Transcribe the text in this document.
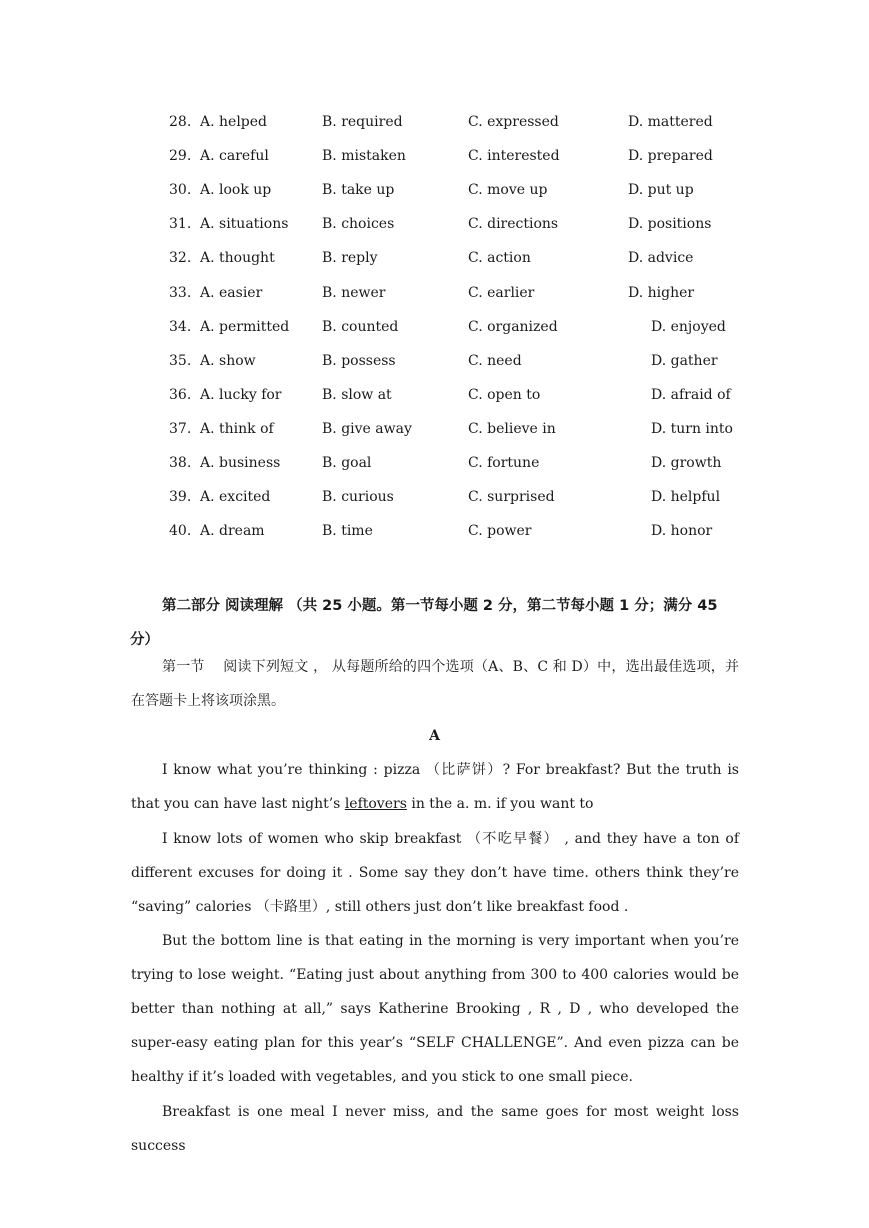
28. A. helped	B. required	C. expressed	D. mattered
29. A. careful	B. mistaken	C. interested	D. prepared
30. A. look up	B. take up	C. move up	D. put up
31. A. situations B. choices	C. directions	D. positions
32. A. thought	B. reply	C. action	D. advice
33. A. easier	B. newer	C. earlier	D. higher
34. A. permitted B. counted	C. organized	D. enjoyed
35. A. show	B. possess	C. need	D. gather
36. A. lucky for	B. slow at	C. open to	D. afraid of
37. A. think of	B. give away	C. believe in	D. turn into
38. A. business	B. goal	C. fortune	D. growth
39. A. excited	B. curious	C. surprised	D. helpful
40. A. dream	B. time	C. power	D. honor
第二部分 阅读理解 （共 25 小题。第一节每小题 2 分，第二节每小题 1 分；满分 45
分）
第一节 阅读下列短文 ， 从每题所给的四个选项（A、B、C 和 D）中，选出最佳选项，并在答题卡上将该项涂黑。
A
I know what you’re thinking : pizza （比萨饼）? For breakfast? But the truth is that you can have last night’s leftovers in the a. m. if you want to
I know lots of women who skip breakfast （不吃早餐） , and they have a ton of different excuses for doing it . Some say they don’t have time. others think they’re “saving” calories （卡路里）, still others just don’t like breakfast food .
But the bottom line is that eating in the morning is very important when you’re trying to lose weight. “Eating just about anything from 300 to 400 calories would be better than nothing at all,” says Katherine Brooking , R , D , who developed the super-easy eating plan for this year’s “SELF CHALLENGE”. And even pizza can be healthy if it’s loaded with vegetables, and you stick to one small piece.
Breakfast is one meal I never miss, and the same goes for most weight loss success
